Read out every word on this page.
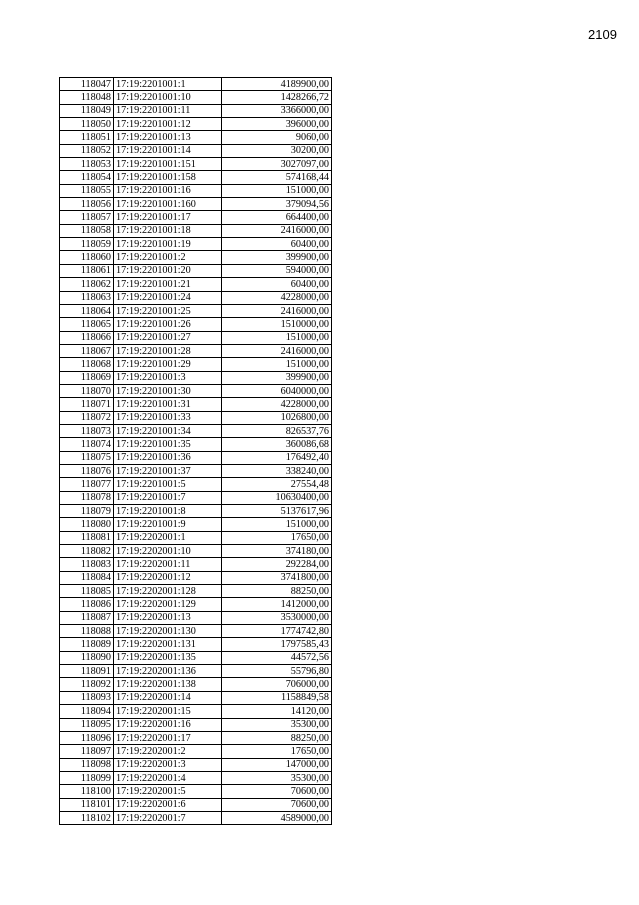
2109
118047	17:19:2201001:1	4189900,00
118048	17:19:2201001:10	1428266,72
118049	17:19:2201001:11	3366000,00
118050	17:19:2201001:12	396000,00
118051	17:19:2201001:13	9060,00
118052	17:19:2201001:14	30200,00
118053	17:19:2201001:151	3027097,00
118054	17:19:2201001:158	574168,44
118055	17:19:2201001:16	151000,00
118056	17:19:2201001:160	379094,56
118057	17:19:2201001:17	664400,00
118058	17:19:2201001:18	2416000,00
118059	17:19:2201001:19	60400,00
118060	17:19:2201001:2	399900,00
118061	17:19:2201001:20	594000,00
118062	17:19:2201001:21	60400,00
118063	17:19:2201001:24	4228000,00
118064	17:19:2201001:25	2416000,00
118065	17:19:2201001:26	1510000,00
118066	17:19:2201001:27	151000,00
118067	17:19:2201001:28	2416000,00
118068	17:19:2201001:29	151000,00
118069	17:19:2201001:3	399900,00
118070	17:19:2201001:30	6040000,00
118071	17:19:2201001:31	4228000,00
118072	17:19:2201001:33	1026800,00
118073	17:19:2201001:34	826537,76
118074	17:19:2201001:35	360086,68
118075	17:19:2201001:36	176492,40
118076	17:19:2201001:37	338240,00
118077	17:19:2201001:5	27554,48
118078	17:19:2201001:7	10630400,00
118079	17:19:2201001:8	5137617,96
118080	17:19:2201001:9	151000,00
118081	17:19:2202001:1	17650,00
118082	17:19:2202001:10	374180,00
118083	17:19:2202001:11	292284,00
118084	17:19:2202001:12	3741800,00
118085	17:19:2202001:128	88250,00
118086	17:19:2202001:129	1412000,00
118087	17:19:2202001:13	3530000,00
118088	17:19:2202001:130	1774742,80
118089	17:19:2202001:131	1797585,43
118090	17:19:2202001:135	44572,56
118091	17:19:2202001:136	55796,80
118092	17:19:2202001:138	706000,00
118093	17:19:2202001:14	1158849,58
118094	17:19:2202001:15	14120,00
118095	17:19:2202001:16	35300,00
118096	17:19:2202001:17	88250,00
118097	17:19:2202001:2	17650,00
118098	17:19:2202001:3	147000,00
118099	17:19:2202001:4	35300,00
118100	17:19:2202001:5	70600,00
118101	17:19:2202001:6	70600,00
118102	17:19:2202001:7	4589000,00
